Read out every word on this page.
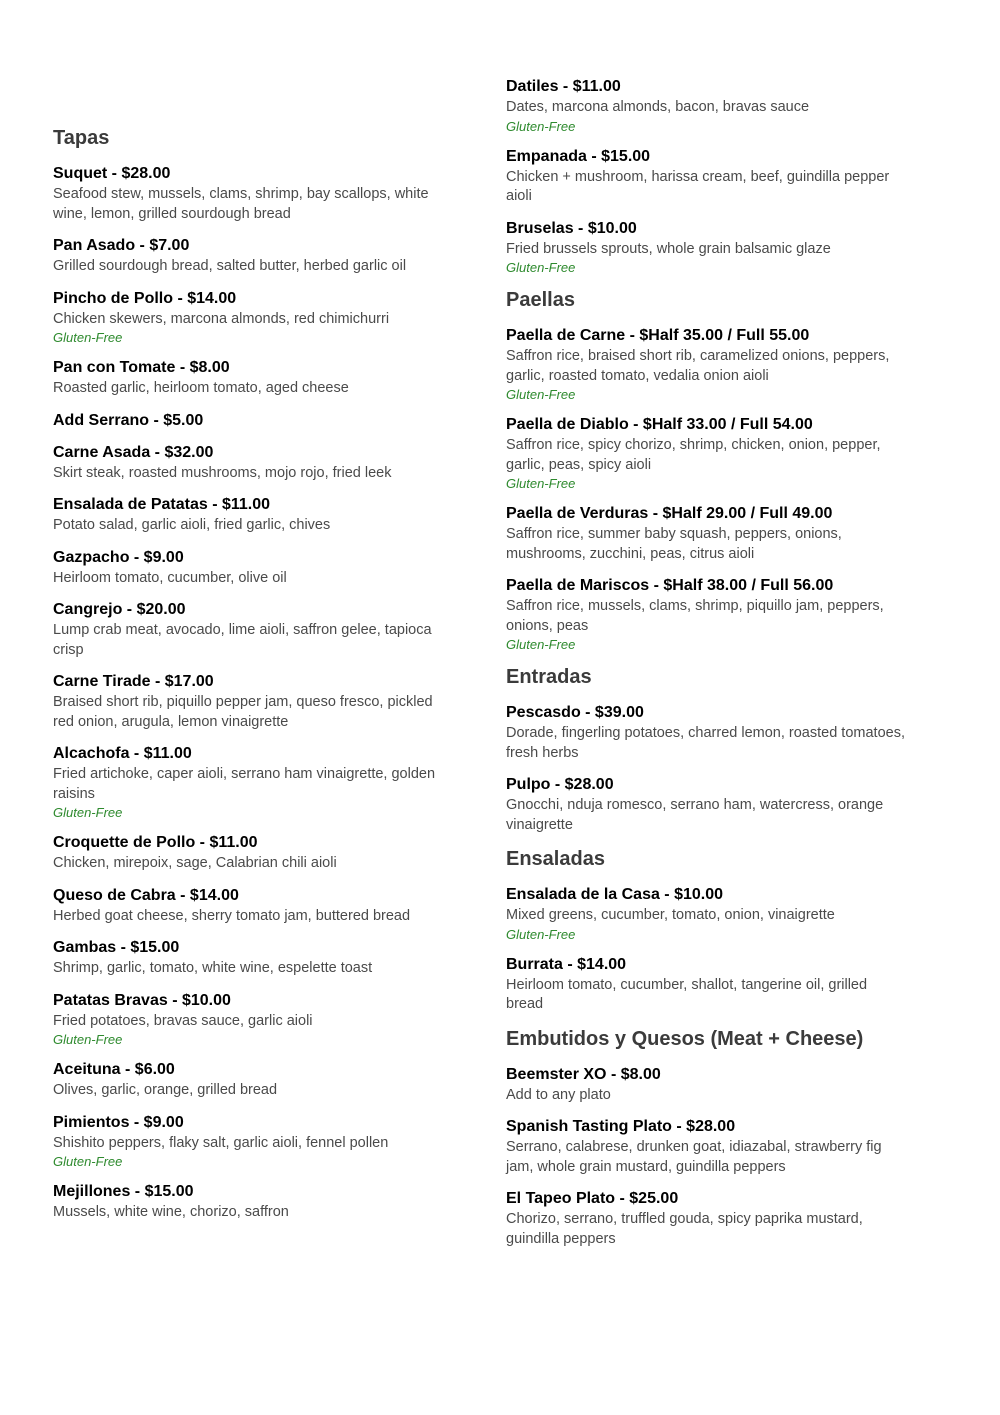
Tapas
Suquet - $28.00
Seafood stew, mussels, clams, shrimp, bay scallops, white wine, lemon, grilled sourdough bread
Pan Asado - $7.00
Grilled sourdough bread, salted butter, herbed garlic oil
Pincho de Pollo - $14.00
Chicken skewers, marcona almonds, red chimichurri
Gluten-Free
Pan con Tomate - $8.00
Roasted garlic, heirloom tomato, aged cheese
Add Serrano - $5.00
Carne Asada - $32.00
Skirt steak, roasted mushrooms, mojo rojo, fried leek
Ensalada de Patatas - $11.00
Potato salad, garlic aioli, fried garlic, chives
Gazpacho - $9.00
Heirloom tomato, cucumber, olive oil
Cangrejo - $20.00
Lump crab meat, avocado, lime aioli, saffron gelee, tapioca crisp
Carne Tirade - $17.00
Braised short rib, piquillo pepper jam, queso fresco, pickled red onion, arugula, lemon vinaigrette
Alcachofa - $11.00
Fried artichoke, caper aioli, serrano ham vinaigrette, golden raisins
Gluten-Free
Croquette de Pollo - $11.00
Chicken, mirepoix, sage, Calabrian chili aioli
Queso de Cabra - $14.00
Herbed goat cheese, sherry tomato jam, buttered bread
Gambas - $15.00
Shrimp, garlic, tomato, white wine, espelette toast
Patatas Bravas - $10.00
Fried potatoes, bravas sauce, garlic aioli
Gluten-Free
Aceituna - $6.00
Olives, garlic, orange, grilled bread
Pimientos - $9.00
Shishito peppers, flaky salt, garlic aioli, fennel pollen
Gluten-Free
Mejillones - $15.00
Mussels, white wine, chorizo, saffron
Datiles - $11.00
Dates, marcona almonds, bacon, bravas sauce
Gluten-Free
Empanada - $15.00
Chicken + mushroom, harissa cream, beef, guindilla pepper aioli
Bruselas - $10.00
Fried brussels sprouts, whole grain balsamic glaze
Gluten-Free
Paellas
Paella de Carne - $Half 35.00 / Full 55.00
Saffron rice, braised short rib, caramelized onions, peppers, garlic, roasted tomato, vedalia onion aioli
Gluten-Free
Paella de Diablo - $Half 33.00 / Full 54.00
Saffron rice, spicy chorizo, shrimp, chicken, onion, pepper, garlic, peas, spicy aioli
Gluten-Free
Paella de Verduras - $Half 29.00 / Full 49.00
Saffron rice, summer baby squash, peppers, onions, mushrooms, zucchini, peas, citrus aioli
Paella de Mariscos - $Half 38.00 / Full 56.00
Saffron rice, mussels, clams, shrimp, piquillo jam, peppers, onions, peas
Gluten-Free
Entradas
Pescasdo - $39.00
Dorade, fingerling potatoes, charred lemon, roasted tomatoes, fresh herbs
Pulpo - $28.00
Gnocchi, nduja romesco, serrano ham, watercress, orange vinaigrette
Ensaladas
Ensalada de la Casa - $10.00
Mixed greens, cucumber, tomato, onion, vinaigrette
Gluten-Free
Burrata - $14.00
Heirloom tomato, cucumber, shallot, tangerine oil, grilled bread
Embutidos y Quesos (Meat + Cheese)
Beemster XO - $8.00
Add to any plato
Spanish Tasting Plato - $28.00
Serrano, calabrese, drunken goat, idiazabal, strawberry fig jam, whole grain mustard, guindilla peppers
El Tapeo Plato - $25.00
Chorizo, serrano, truffled gouda, spicy paprika mustard, guindilla peppers
